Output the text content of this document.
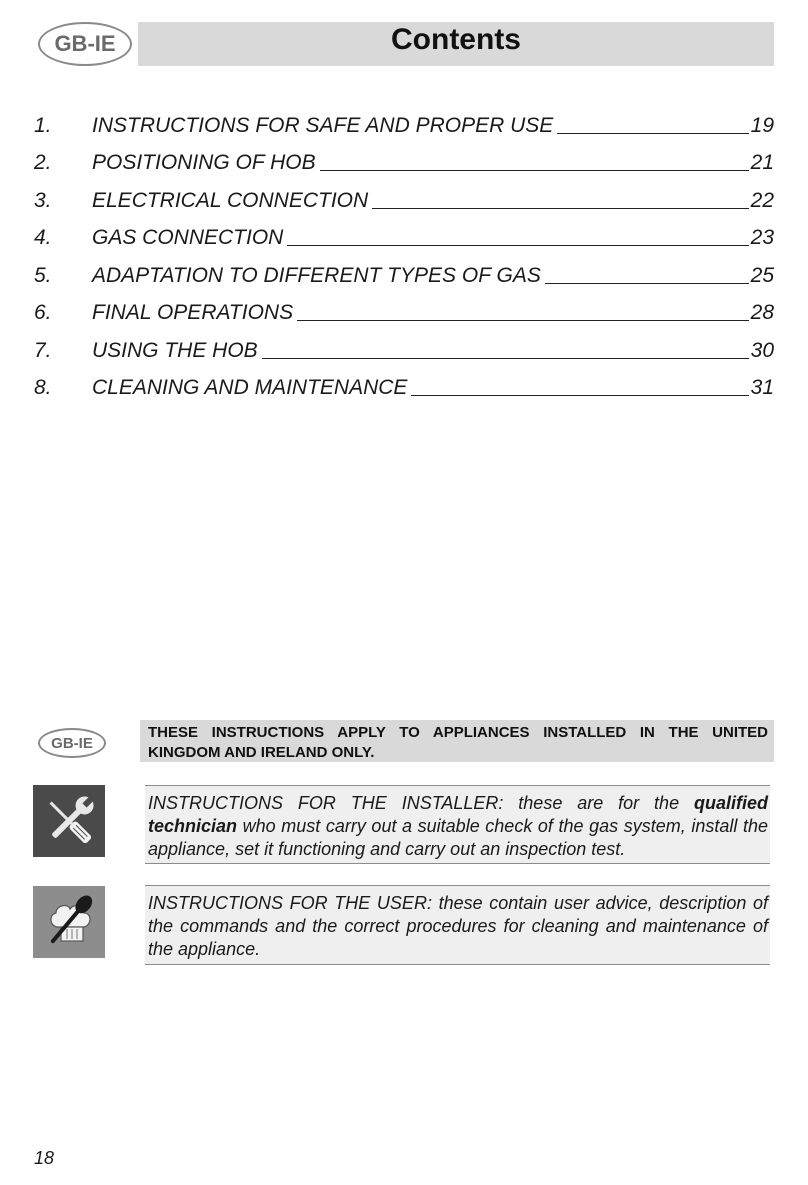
GB-IE	Contents
1.	INSTRUCTIONS FOR SAFE AND PROPER USE	19
2.	POSITIONING OF HOB	21
3.	ELECTRICAL CONNECTION	22
4.	GAS CONNECTION	23
5.	ADAPTATION TO DIFFERENT TYPES OF GAS	25
6.	FINAL OPERATIONS	28
7.	USING THE HOB	30
8.	CLEANING AND MAINTENANCE	31
GB-IE
THESE INSTRUCTIONS APPLY TO APPLIANCES INSTALLED IN THE UNITED KINGDOM AND IRELAND ONLY.
INSTRUCTIONS FOR THE INSTALLER: these are for the qualified technician who must carry out a suitable check of the gas system, install the appliance, set it functioning and carry out an inspection test.
INSTRUCTIONS FOR THE USER: these contain user advice, description of the commands and the correct procedures for cleaning and maintenance of the appliance.
18
